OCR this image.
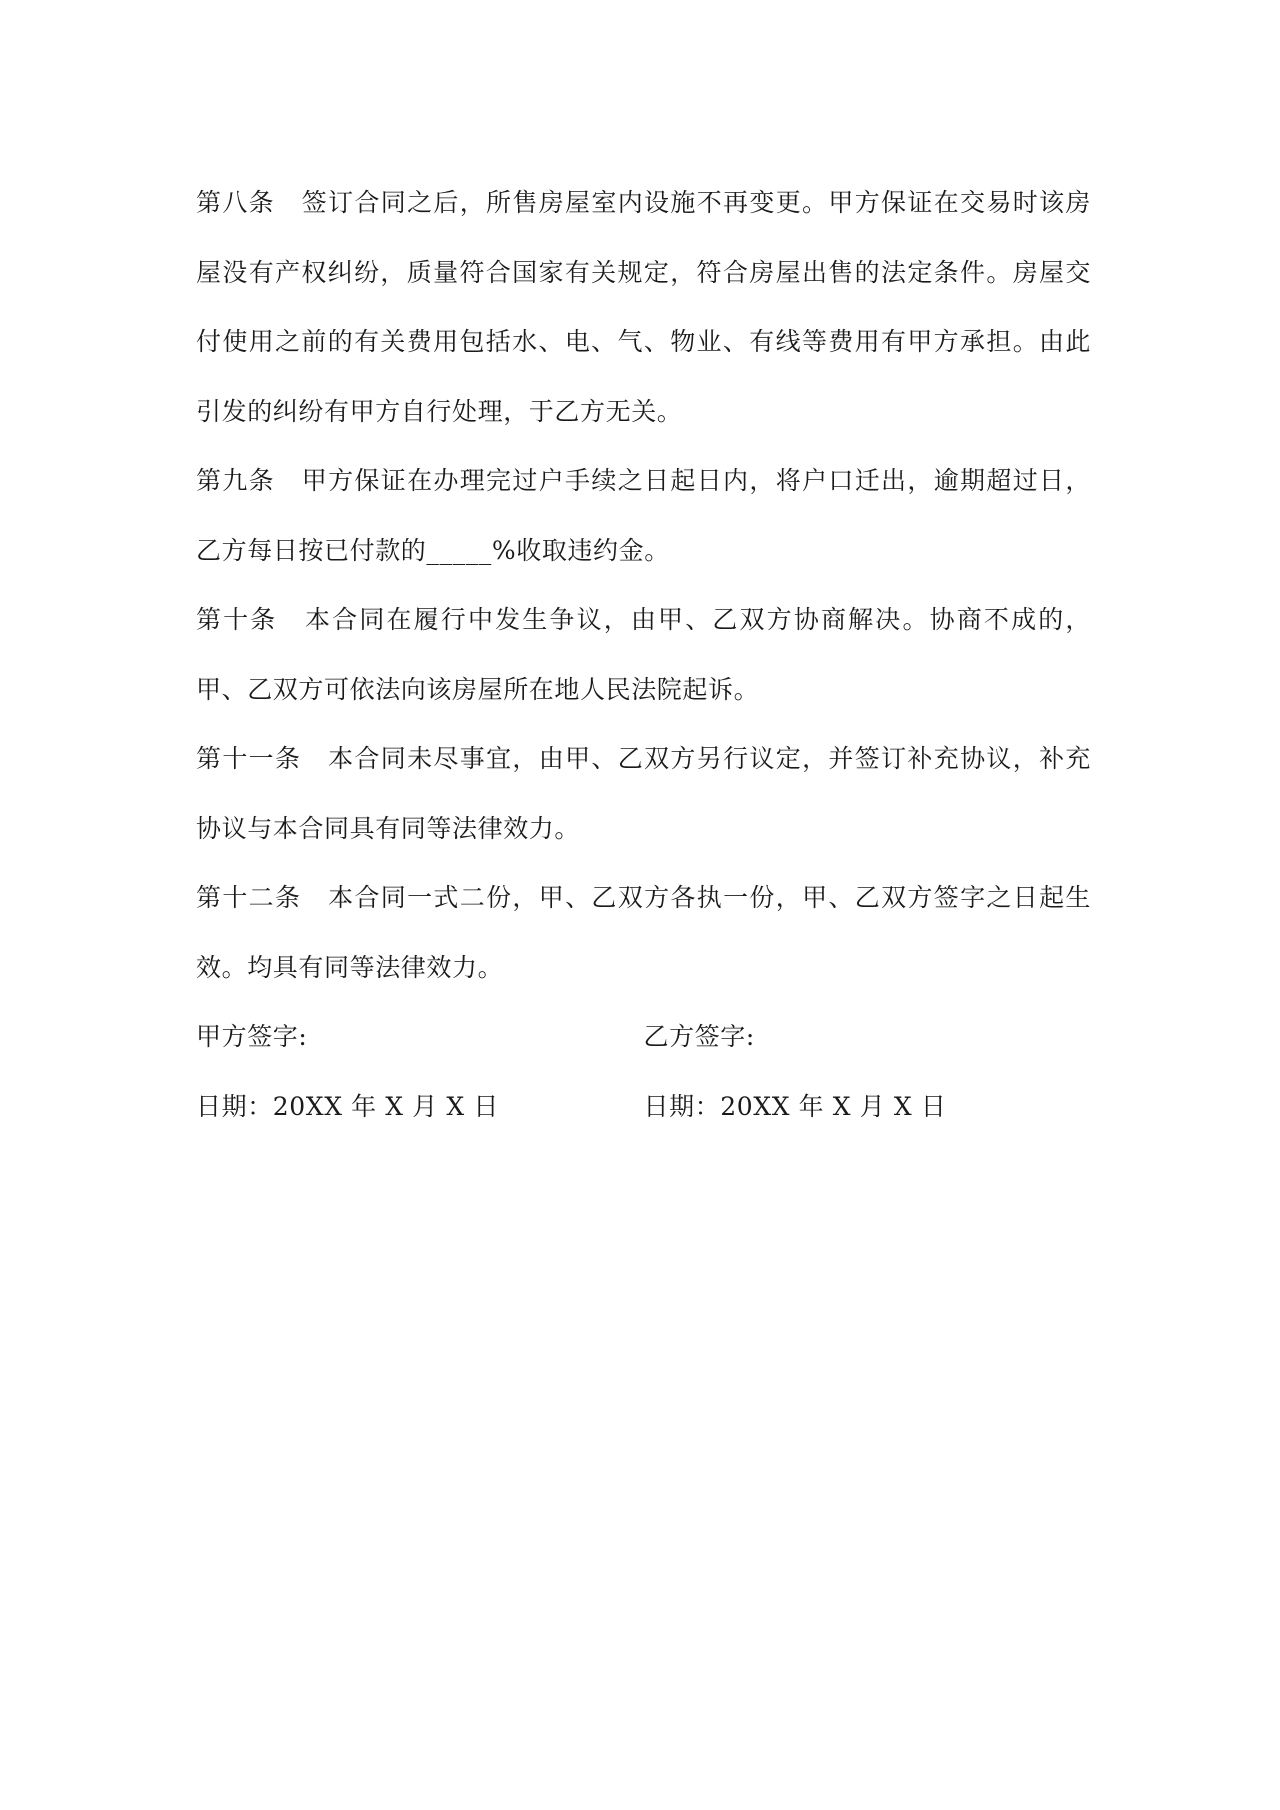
第八条 签订合同之后，所售房屋室内设施不再变更。甲方保证在交易时该房屋没有产权纠纷，质量符合国家有关规定，符合房屋出售的法定条件。房屋交付使用之前的有关费用包括水、电、气、物业、有线等费用有甲方承担。由此引发的纠纷有甲方自行处理，于乙方无关。

第九条 甲方保证在办理完过户手续之日起日内，将户口迁出，逾期超过日，乙方每日按已付款的_____%收取违约金。

第十条 本合同在履行中发生争议，由甲、乙双方协商解决。协商不成的，甲、乙双方可依法向该房屋所在地人民法院起诉。

第十一条 本合同未尽事宜，由甲、乙双方另行议定，并签订补充协议，补充协议与本合同具有同等法律效力。

第十二条 本合同一式二份，甲、乙双方各执一份，甲、乙双方签字之日起生效。均具有同等法律效力。

甲方签字:	乙方签字:
日期：20XX 年 X 月 X 日	日期：20XX 年 X 月 X 日
